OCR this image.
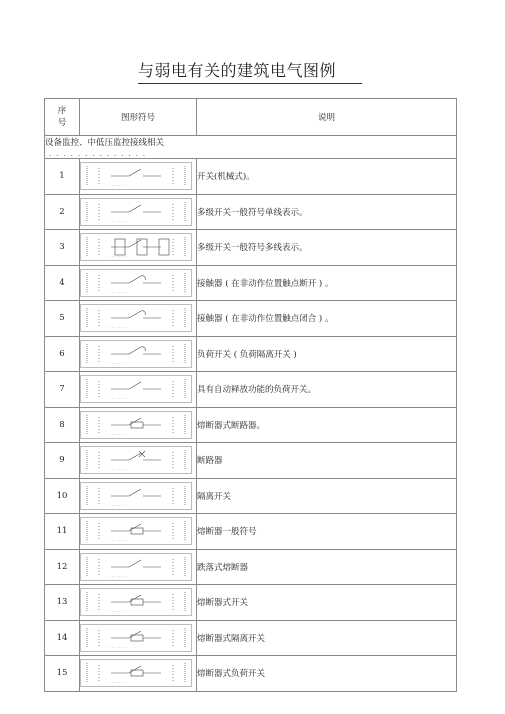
与弱电有关的建筑电气图例
序
号	图形符号	说明
设备监控、中低压监控接线相关
··············		

1	· · · · · · · ·	开关(机械式)。
2	· · · · · · · ·	多级开关一般符号单线表示。
3	· · · · · · · ·	多级开关一般符号多线表示。
4	· · · · · · · ·	接触器 ( 在非动作位置触点断开 ) 。
5	· · · · · · · ·	接触器 ( 在非动作位置触点闭合 ) 。
6	· · · · · · · ·	负荷开关 ( 负荷隔离开关 )
7	· · · · · · · ·	具有自动释放功能的负荷开关。
8	· · · · · · · ·	熔断器式断路器。
9	· · · · · · · ·	断路器
10	· · · · · · · ·	隔离开关
11	· · · · · · · ·	熔断器一般符号
12	· · · · · · · ·	跌落式熔断器
13	· · · · · · · ·	熔断器式开关
14	· · · · · · · ·	熔断器式隔离开关
15	· · · · · · · ·	熔断器式负荷开关
